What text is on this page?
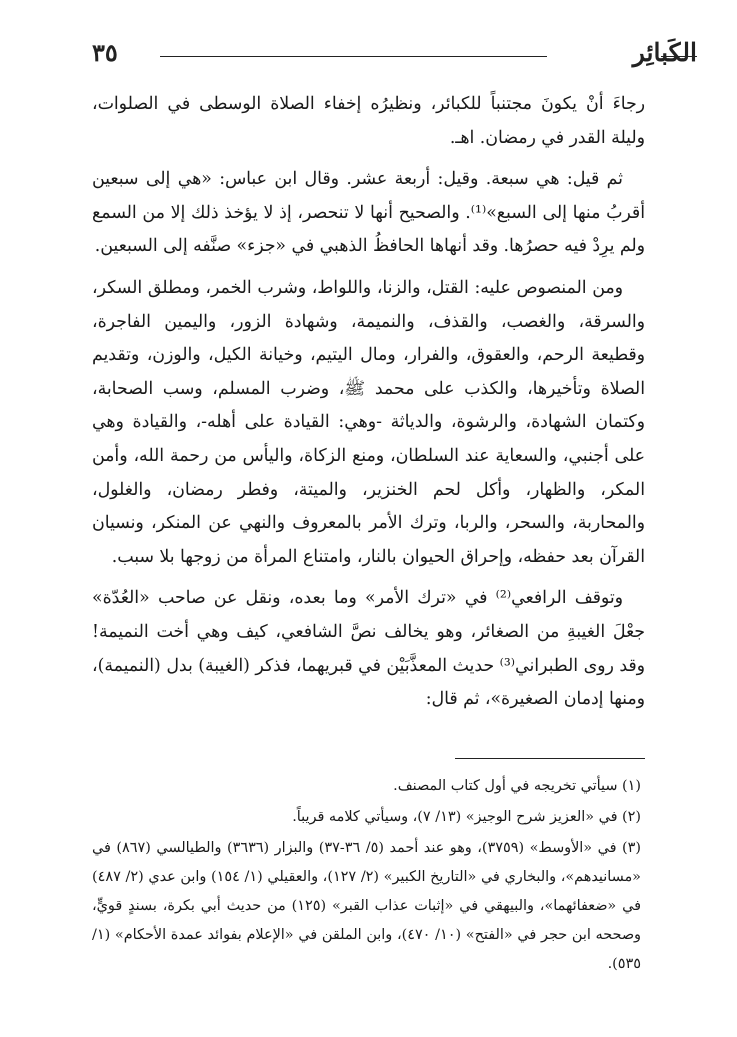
الكَبائِر
٣٥

رجاءَ أنْ يكونَ مجتنباً للكبائر، ونظيرُه إخفاء الصلاة الوسطى في الصلوات، وليلة القدر في رمضان. اهـ.

ثم قيل: هي سبعة. وقيل: أربعة عشر. وقال ابن عباس: «هي إلى سبعين أقربُ منها إلى السبع»⁽¹⁾. والصحيح أنها لا تنحصر، إذ لا يؤخذ ذلك إلا من السمع ولم يرِدْ فيه حصرُها. وقد أنهاها الحافظُ الذهبي في «جزء» صنَّفه إلى السبعين.

ومن المنصوص عليه: القتل، والزنا، واللواط، وشرب الخمر، ومطلق السكر، والسرقة، والغصب، والقذف، والنميمة، وشهادة الزور، واليمين الفاجرة، وقطيعة الرحم، والعقوق، والفرار، ومال اليتيم، وخيانة الكيل، والوزن، وتقديم الصلاة وتأخيرها، والكذب على محمد ﷺ، وضرب المسلم، وسب الصحابة، وكتمان الشهادة، والرشوة، والدياثة -وهي: القيادة على أهله-، والقيادة وهي على أجنبي، والسعاية عند السلطان، ومنع الزكاة، واليأس من رحمة الله، وأمن المكر، والظهار، وأكل لحم الخنزير، والميتة، وفطر رمضان، والغلول، والمحاربة، والسحر، والربا، وترك الأمر بالمعروف والنهي عن المنكر، ونسيان القرآن بعد حفظه، وإحراق الحيوان بالنار، وامتناع المرأة من زوجها بلا سبب.

وتوقف الرافعي⁽²⁾ في «ترك الأمر» وما بعده، ونقل عن صاحب «العُدّة» جعْلَ الغيبةِ من الصغائر، وهو يخالف نصَّ الشافعي، كيف وهي أخت النميمة! وقد روى الطبراني⁽³⁾ حديث المعذَّبَيْن في قبريهما، فذكر (الغيبة) بدل (النميمة)، ومنها إدمان الصغيرة»، ثم قال:

(١) سيأتي تخريجه في أول كتاب المصنف.

(٢) في «العزيز شرح الوجيز» (١٣/ ٧)، وسيأتي كلامه قريباً.

(٣) في «الأوسط» (٣٧٥٩)، وهو عند أحمد (٥/ ٣٦-٣٧) والبزار (٣٦٣٦) والطيالسي (٨٦٧) في «مسانيدهم»، والبخاري في «التاريخ الكبير» (٢/ ١٢٧)، والعقيلي (١/ ١٥٤) وابن عدي (٢/ ٤٨٧) في «ضعفائهما»، والبيهقي في «إثبات عذاب القبر» (١٢٥) من حديث أبي بكرة، بسندٍ قويٍّ، وصححه ابن حجر في «الفتح» (١٠/ ٤٧٠)، وابن الملقن في «الإعلام بفوائد عمدة الأحكام» (١/ ٥٣٥).
